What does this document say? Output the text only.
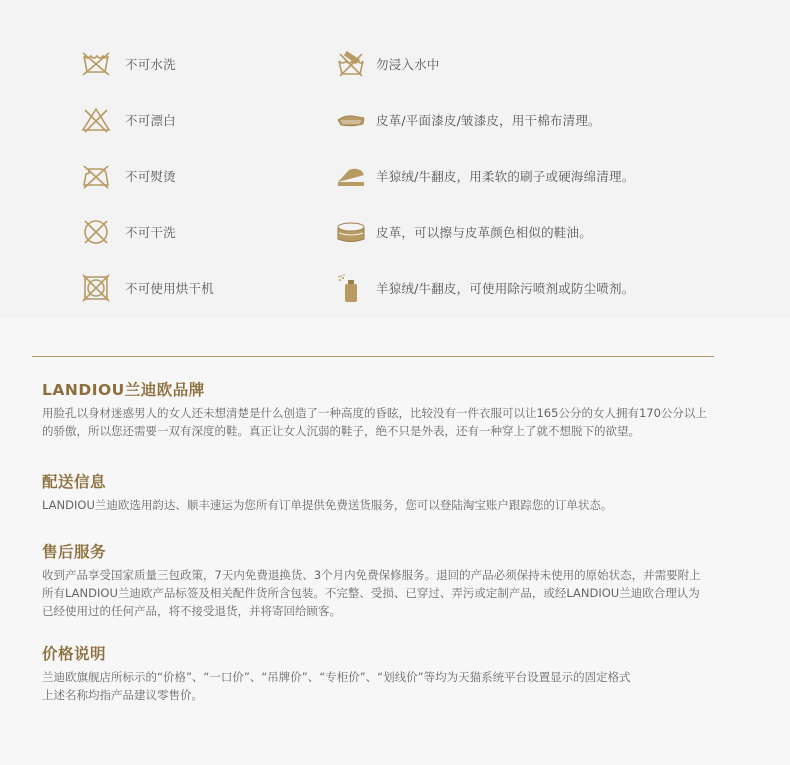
不可水洗
不可漂白
不可熨烫
不可干洗
不可使用烘干机
勿浸入水中
皮革/平面漆皮/皱漆皮，用干棉布清理。
羊猄绒/牛翻皮，用柔软的刷子或硬海绵清理。
皮革，可以擦与皮革颜色相似的鞋油。
羊猄绒/牛翻皮，可使用除污喷剂或防尘喷剂。
LANDIOU兰迪欧品牌

用脸孔以身材迷惑男人的女人还未想清楚是什么创造了一种高度的昏眩，比较没有一件衣服可以让165公分的女人拥有170公分以上

的骄傲，所以您还需要一双有深度的鞋。真正让女人沉弱的鞋子，绝不只是外表，还有一种穿上了就不想脱下的欲望。

配送信息

LANDIOU兰迪欧选用韵达、顺丰速运为您所有订单提供免费送货服务，您可以登陆淘宝账户跟踪您的订单状态。

售后服务

收到产品享受国家质量三包政策，7天内免费退换货、3个月内免费保修服务。退回的产品必须保持未使用的原始状态，并需要附上

所有LANDIOU兰迪欧产品标签及相关配件货所含包装。不完整、受损、已穿过、弄污或定制产品，或经LANDIOU兰迪欧合理认为

已经使用过的任何产品，将不接受退货，并将寄回给顾客。

价格说明

兰迪欧旗舰店所标示的“价格”、“一口价”、“吊牌价”、“专柜价”、“划线价”等均为天猫系统平台设置显示的固定格式

上述名称均指产品建议零售价。
